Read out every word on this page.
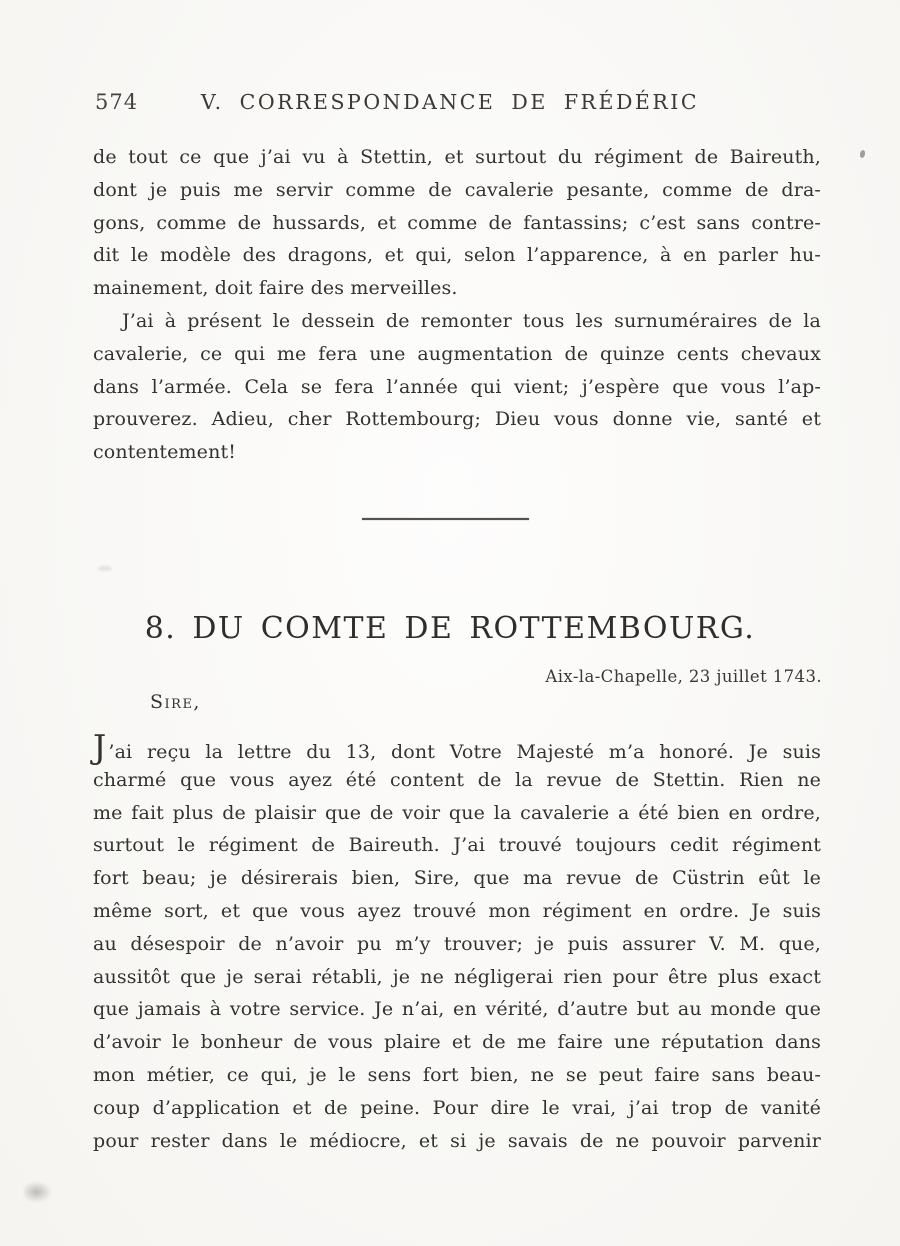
574	V. CORRESPONDANCE DE FRÉDÉRIC
de tout ce que j’ai vu à Stettin, et surtout du régiment de Baireuth,
dont je puis me servir comme de cavalerie pesante, comme de dra-
gons, comme de hussards, et comme de fantassins; c’est sans contre-
dit le modèle des dragons, et qui, selon l’apparence, à en parler hu-
mainement, doit faire des merveilles.
J’ai à présent le dessein de remonter tous les surnuméraires de la
cavalerie, ce qui me fera une augmentation de quinze cents chevaux
dans l’armée. Cela se fera l’année qui vient; j’espère que vous l’ap-
prouverez. Adieu, cher Rottembourg; Dieu vous donne vie, santé et
contentement!
8. DU COMTE DE ROTTEMBOURG.
Aix-la-Chapelle, 23 juillet 1743.
Sire,
J ’ai reçu la lettre du 13, dont Votre Majesté m’a honoré. Je suis
charmé que vous ayez été content de la revue de Stettin. Rien ne
me fait plus de plaisir que de voir que la cavalerie a été bien en ordre,
surtout le régiment de Baireuth. J’ai trouvé toujours cedit régiment
fort beau; je désirerais bien, Sire, que ma revue de Cüstrin eût le
même sort, et que vous ayez trouvé mon régiment en ordre. Je suis
au désespoir de n’avoir pu m’y trouver; je puis assurer V. M. que,
aussitôt que je serai rétabli, je ne négligerai rien pour être plus exact
que jamais à votre service. Je n’ai, en vérité, d’autre but au monde que
d’avoir le bonheur de vous plaire et de me faire une réputation dans
mon métier, ce qui, je le sens fort bien, ne se peut faire sans beau-
coup d’application et de peine. Pour dire le vrai, j’ai trop de vanité
pour rester dans le médiocre, et si je savais de ne pouvoir parvenir
